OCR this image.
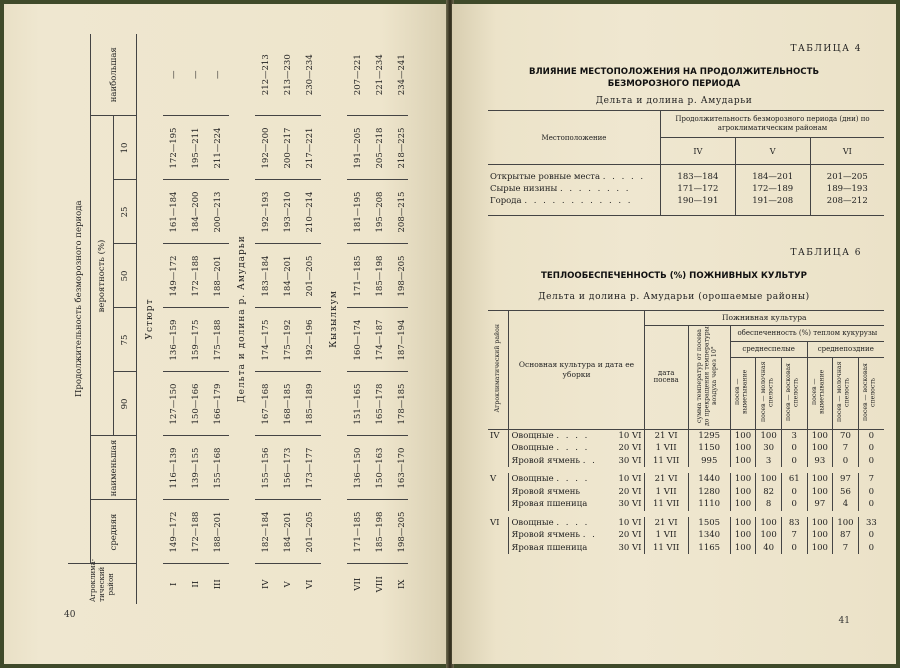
Агроклима-тический район	Продолжительность безморозного периода							
	средняя	наименьшая	вероятность (%)					наибольшая
			90	75	50	25	10	
Устюрт								
I	149—172	116—139	127—150	136—159	149—172	161—184	172—195	—
II	172—188	139—155	150—166	159—175	172—188	184—200	195—211	—
III	188—201	155—168	166—179	175—188	188—201	200—213	211—224	—
Дельта и долина р. Амударьи								
IV	182—184	155—156	167—168	174—175	183—184	192—193	192—200	212—213
V	184—201	156—173	168—185	175—192	184—201	193—210	200—217	213—230
VI	201—205	173—177	185—189	192—196	201—205	210—214	217—221	230—234
Кызылкум								
VII	171—185	136—150	151—165	160—174	171—185	181—195	191—205	207—221
VIII	185—198	150—163	165—178	174—187	185—198	195—208	205—218	221—234
IX	198—205	163—170	178—185	187—194	198—205	208—215	218—225	234—241
40
ТАБЛИЦА 4
ВЛИЯНИЕ МЕСТОПОЛОЖЕНИЯ НА ПРОДОЛЖИТЕЛЬНОСТЬ
БЕЗМОРОЗНОГО ПЕРИОДА
Дельта и долина р. Амударьи
Местоположение	Продолжительность безморозного периода (дни) по агроклиматическим районам		
	IV	V	VI
Открытые ровные места . . . . .	183—184	184—201	201—205
Сырые низины . . . . . . . .	171—172	172—189	189—193
Города . . . . . . . . . . . .	190—191	191—208	208—212

ТАБЛИЦА 6
ТЕПЛООБЕСПЕЧЕННОСТЬ (%) ПОЖНИВНЫХ КУЛЬТУР
Дельта и долина р. Амударьи (орошаемые районы)
Агроклиматический район	Основная культура и дата ее уборки	Пожнивная культура							
		дата посева	сумма температур от посева до прекращения температуры воздуха через 10°	обеспеченность (%) теплом кукурузы					
				среднеспелые			среднепоздние		
				посев — выметывание	посев — молочная спелость	посев — восковая спелость	посев — выметывание	посев — молочная спелость	посев — восковая спелость
IV	Овощные . . . . 10 VI	21 VI	1295	100	100	3	100	70	0
	Овощные . . . . 20 VI	1 VII	1150	100	30	0	100	7	0
	Яровой ячмень . . 30 VI	11 VII	995	100	3	0	93	0	0
V	Овощные . . . . 10 VI	21 VI	1440	100	100	61	100	97	7
	Яровой ячмень 20 VI	1 VII	1280	100	82	0	100	56	0
	Яровая пшеница 30 VI	11 VII	1110	100	8	0	97	4	0
VI	Овощные . . . . 10 VI	21 VI	1505	100	100	83	100	100	33
	Яровой ячмень . . 20 VI	1 VII	1340	100	100	7	100	87	0
	Яровая пшеница 30 VI	11 VII	1165	100	40	0	100	7	0
41
